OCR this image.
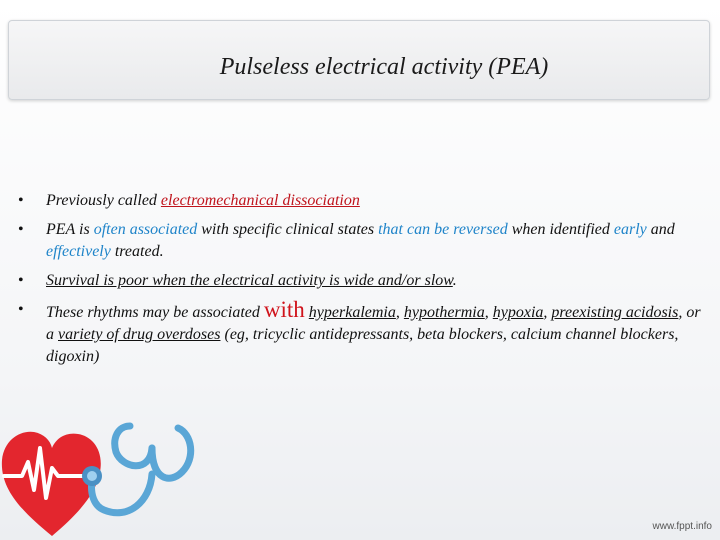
Pulseless electrical activity (PEA)
•	Previously called electromechanical dissociation
•	PEA is often associated with specific clinical states that can be reversed when identified early and effectively treated.
•	Survival is poor when the electrical activity is wide and/or slow.
•	These rhythms may be associated with hyperkalemia, hypothermia, hypoxia, preexisting acidosis, or a variety of drug overdoses (eg, tricyclic antidepressants, beta blockers, calcium channel blockers, digoxin)
www.fppt.info
